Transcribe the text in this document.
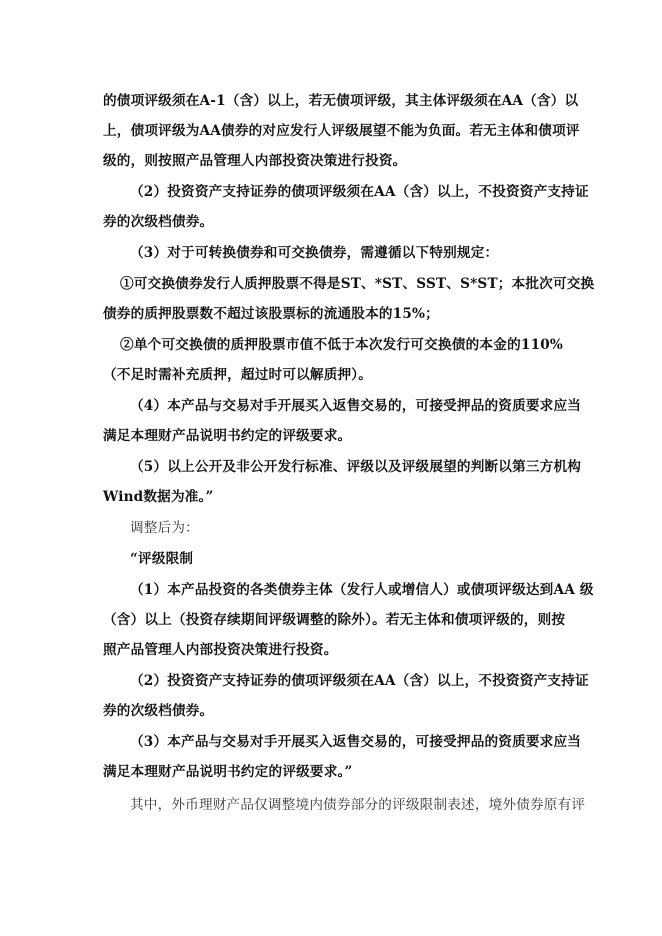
的债项评级须在A-1（含）以上，若无债项评级，其主体评级须在AA（含）以
上，债项评级为AA债券的对应发行人评级展望不能为负面。若无主体和债项评
级的，则按照产品管理人内部投资决策进行投资。
（2）投资资产支持证券的债项评级须在AA（含）以上，不投资资产支持证
券的次级档债券。
（3）对于可转换债券和可交换债券，需遵循以下特别规定：
①可交换债券发行人质押股票不得是ST、*ST、SST、S*ST；本批次可交换
债券的质押股票数不超过该股票标的流通股本的15%；
②单个可交换债的质押股票市值不低于本次发行可交换债的本金的110%
（不足时需补充质押，超过时可以解质押）。
（4）本产品与交易对手开展买入返售交易的，可接受押品的资质要求应当
满足本理财产品说明书约定的评级要求。
（5）以上公开及非公开发行标准、评级以及评级展望的判断以第三方机构
Wind数据为准。”
调整后为：
“评级限制
（1）本产品投资的各类债券主体（发行人或增信人）或债项评级达到AA 级
（含）以上（投资存续期间评级调整的除外）。若无主体和债项评级的，则按
照产品管理人内部投资决策进行投资。
（2）投资资产支持证券的债项评级须在AA（含）以上，不投资资产支持证
券的次级档债券。
（3）本产品与交易对手开展买入返售交易的，可接受押品的资质要求应当
满足本理财产品说明书约定的评级要求。”
其中，外币理财产品仅调整境内债券部分的评级限制表述，境外债券原有评
